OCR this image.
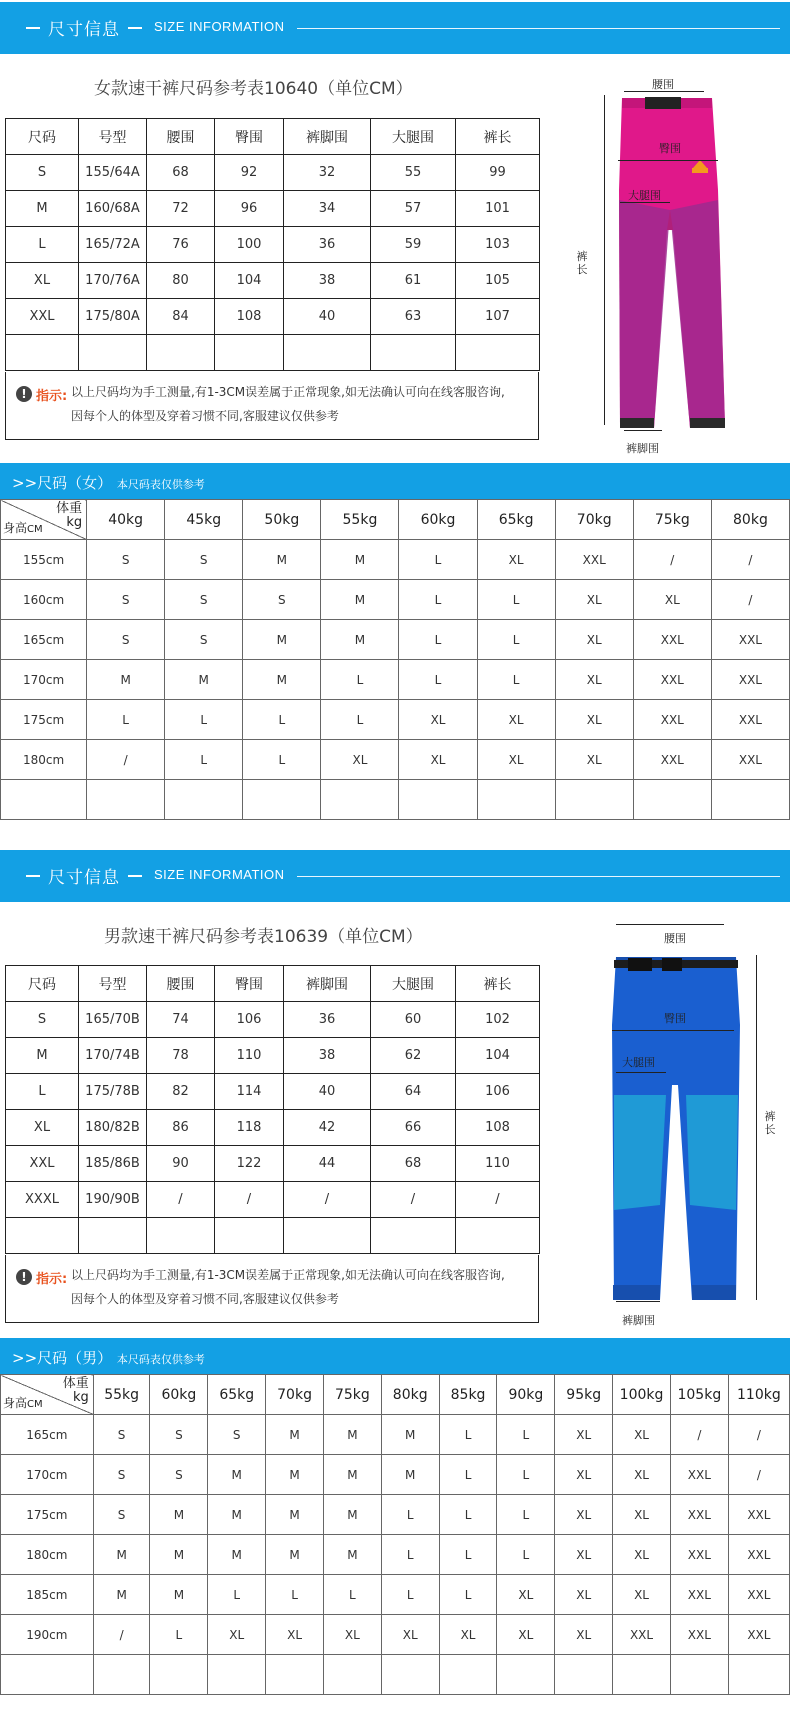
尺寸信息	SIZE INFORMATION
女款速干裤尺码参考表10640（单位CM）
尺码	号型	腰围	臀围	裤脚围	大腿围	裤长
S	155/64A	68	92	32	55	99
M	160/68A	72	96	34	57	101
L	165/72A	76	100	36	59	103
XL	170/76A	80	104	38	61	105
XXL	175/80A	84	108	40	63	107

! 指示: 以上尺码均为手工测量,有1-3CM误差属于正常现象,如无法确认可向在线客服咨询,
因每个人的体型及穿着习惯不同,客服建议仅供参考
腰围
臀围
大腿围
裤长
裤脚围
>>尺码（女） 本尺码表仅供参考
体重
kg
身高CM	40kg	45kg	50kg	55kg	60kg	65kg	70kg	75kg	80kg
155cm	S	S	M	M	L	XL	XXL	/	/
160cm	S	S	S	M	L	L	XL	XL	/
165cm	S	S	M	M	L	L	XL	XXL	XXL
170cm	M	M	M	L	L	L	XL	XXL	XXL
175cm	L	L	L	L	XL	XL	XL	XXL	XXL
180cm	/	L	L	XL	XL	XL	XL	XXL	XXL

尺寸信息	SIZE INFORMATION
男款速干裤尺码参考表10639（单位CM）
尺码	号型	腰围	臀围	裤脚围	大腿围	裤长
S	165/70B	74	106	36	60	102
M	170/74B	78	110	38	62	104
L	175/78B	82	114	40	64	106
XL	180/82B	86	118	42	66	108
XXL	185/86B	90	122	44	68	110
XXXL	190/90B	/	/	/	/	/

! 指示: 以上尺码均为手工测量,有1-3CM误差属于正常现象,如无法确认可向在线客服咨询,
因每个人的体型及穿着习惯不同,客服建议仅供参考
腰围
臀围
大腿围
裤长
裤脚围
>>尺码（男） 本尺码表仅供参考
体重
kg
身高CM	55kg	60kg	65kg	70kg	75kg	80kg	85kg	90kg	95kg	100kg	105kg	110kg
165cm	S	S	S	M	M	M	L	L	XL	XL	/	/
170cm	S	S	M	M	M	M	L	L	XL	XL	XXL	/
175cm	S	M	M	M	M	L	L	L	XL	XL	XXL	XXL
180cm	M	M	M	M	M	L	L	L	XL	XL	XXL	XXL
185cm	M	M	L	L	L	L	L	XL	XL	XL	XXL	XXL
190cm	/	L	XL	XL	XL	XL	XL	XL	XL	XXL	XXL	XXL
